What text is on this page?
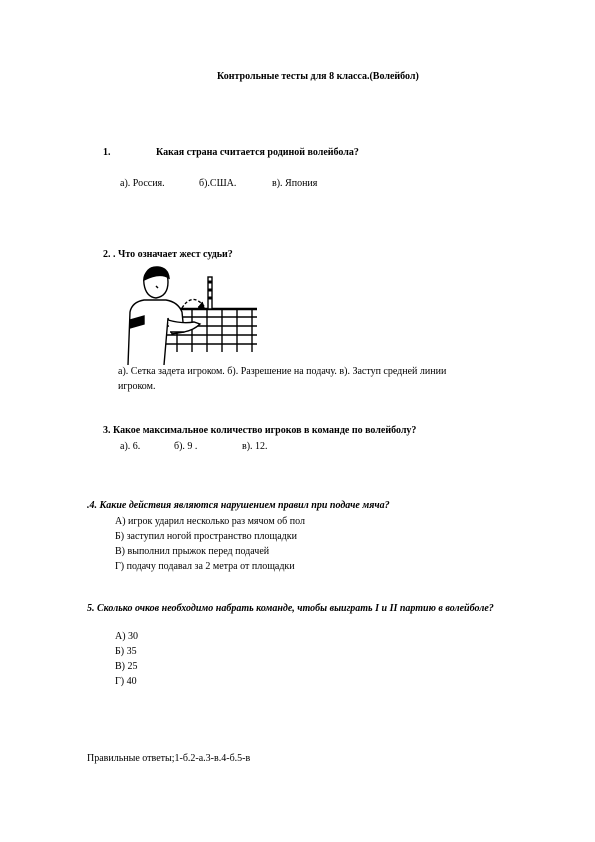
Контрольные тесты для 8 класса.(Волейбол)
1.	Какая страна считается родиной волейбола?
а). Россия.	б).США.	в). Япония
2. . Что означает жест судьи?
а). Сетка задета игроком. б). Разрешение на подачу. в). Заступ средней линии
игроком.
3. Какое максимальное количество игроков в команде по волейболу?
а). 6.	б). 9 .	в). 12.
.4. Какие действия являются нарушением правил при подаче мяча?
А) игрок ударил несколько раз мячом об пол
Б) заступил ногой пространство площадки
В) выполнил прыжок перед подачей
Г) подачу подавал за 2 метра от площадки
5. Сколько очков необходимо набрать команде, чтобы выиграть I и II партию в волейболе?
А) 30
Б) 35
В) 25
Г) 40
Правильные ответы;1-б.2-а.3-в.4-б.5-в
